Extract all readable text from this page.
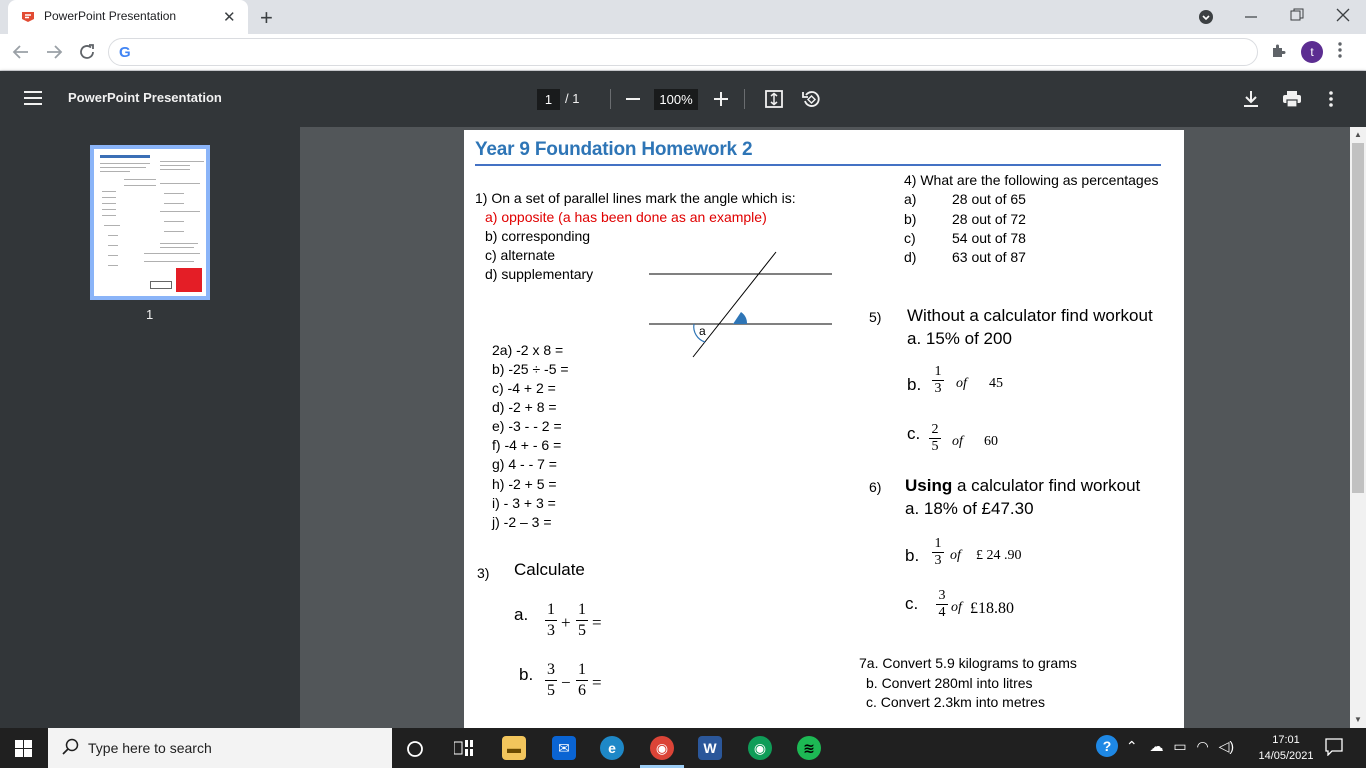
PowerPoint Presentation	✕ +
G	t
PowerPoint Presentation	1 / 1	100%
1
Year 9 Foundation Homework 2
1) On a set of parallel lines mark the angle which is:
a) opposite (a has been done as an example)
b) corresponding
c) alternate
d) supplementary
a
2a) -2 x 8 =
b) -25 ÷ -5 =
c) -4 + 2 =
d) -2 + 8 =
e) -3 - - 2 =
f) -4 + - 6 =
g) 4 - - 7 =
h) -2 + 5 =
i) - 3 + 3 =
j) -2 – 3 =
3) Calculate
a. 1
3 +
1
5 =
b. 3
5 −
1
6 =
4) What are the following as percentages
a)	28 out of 65
b)	28 out of 72
c)	54 out of 78
d)	63 out of 87
5) Without a calculator find workout
a. 15% of 200
b.
1
3 of 45
c. 2
5 of 60
6) Using a calculator find workout
a. 18% of £47.30
b.
1
3 of £ 24 .90
c. 3
4 of £18.80
7a. Convert 5.9 kilograms to grams
b. Convert 280ml into litres
c. Convert 2.3km into metres
▲
▼
Type here to search	▬	✉	e	◉	W	◉	≋	? ⌃ ☁ ▭ ◠ ◁)	17:01
14/05/2021
